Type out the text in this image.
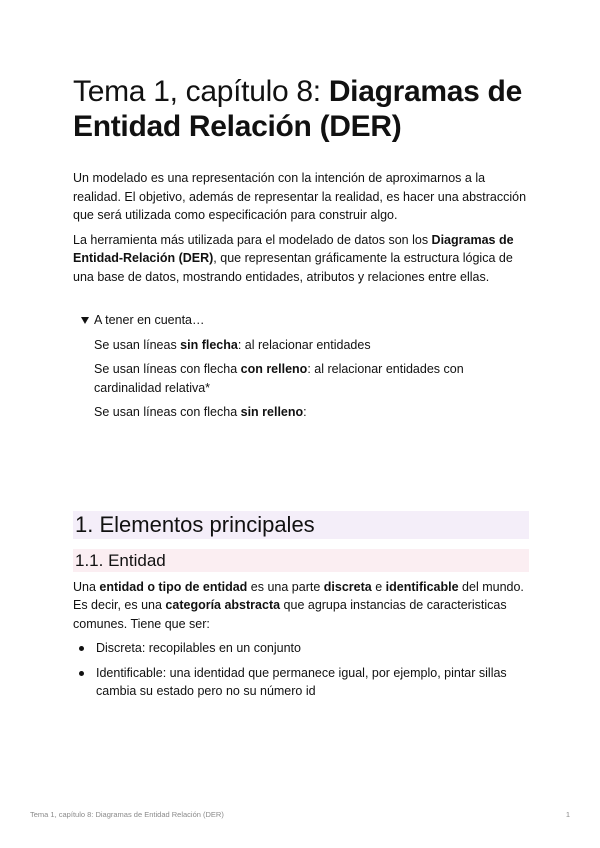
Tema 1, capítulo 8: Diagramas de Entidad Relación (DER)

Un modelado es una representación con la intención de aproximarnos a la realidad. El objetivo, además de representar la realidad, es hacer una abstracción que será utilizada como especificación para construir algo.

La herramienta más utilizada para el modelado de datos son los Diagramas de Entidad-Relación (DER), que representan gráficamente la estructura lógica de una base de datos, mostrando entidades, atributos y relaciones entre ellas.

A tener en cuenta…

Se usan líneas sin flecha: al relacionar entidades

Se usan líneas con flecha con relleno: al relacionar entidades con cardinalidad relativa*

Se usan líneas con flecha sin relleno:

1. Elementos principales
1.1. Entidad

Una entidad o tipo de entidad es una parte discreta e identificable del mundo. Es decir, es una categoría abstracta que agrupa instancias de caracteristicas comunes. Tiene que ser:

Discreta: recopilables en un conjunto
Identificable: una identidad que permanece igual, por ejemplo, pintar sillas cambia su estado pero no su número id
Tema 1, capítulo 8: Diagramas de Entidad Relación (DER)	1
